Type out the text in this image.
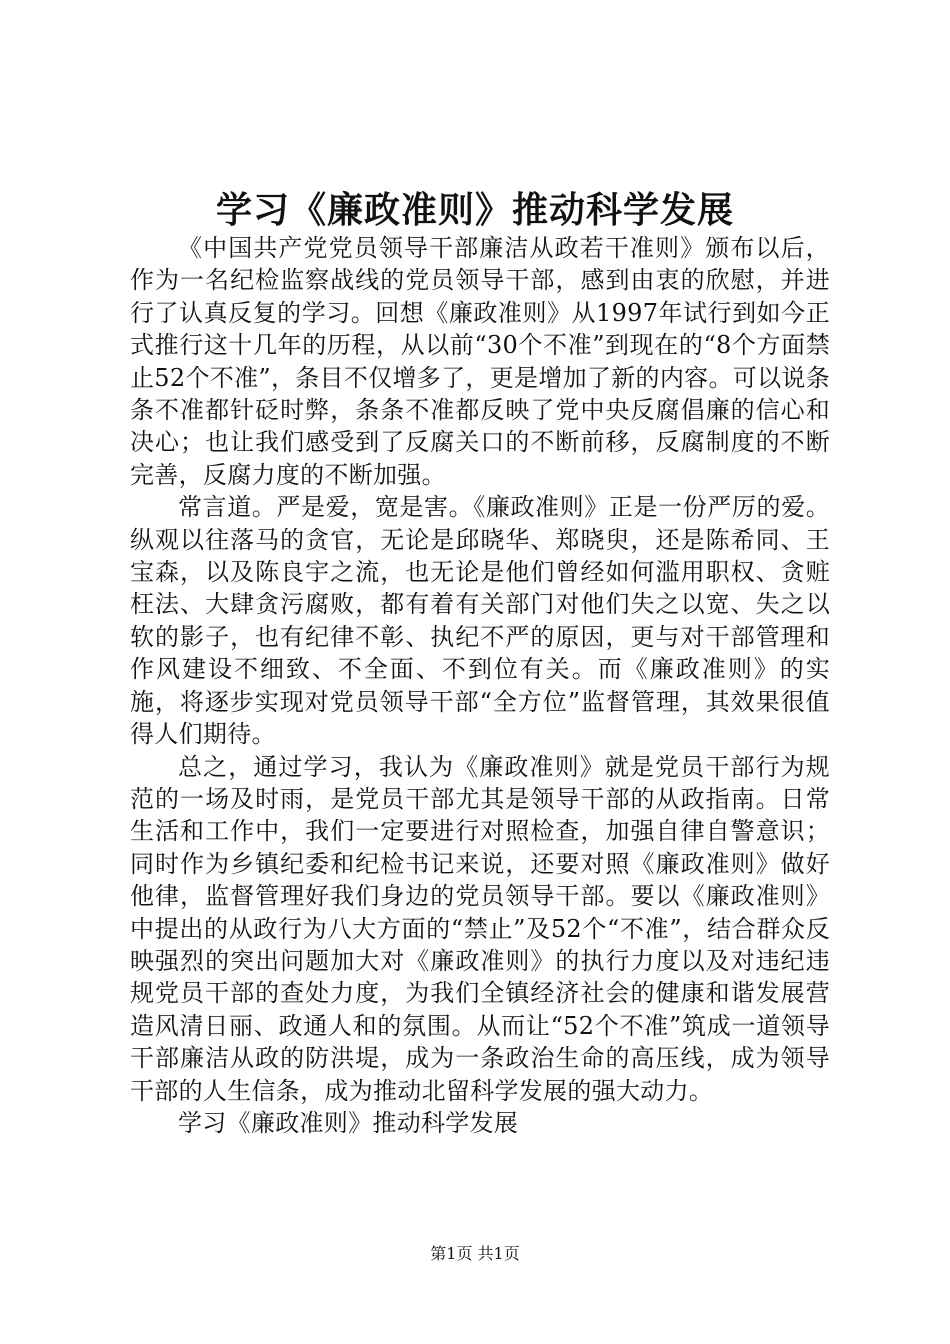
学习《廉政准则》推动科学发展

《中国共产党党员领导干部廉洁从政若干准则》颁布以后，作为一名纪检监察战线的党员领导干部，感到由衷的欣慰，并进行了认真反复的学习。回想《廉政准则》从1997年试行到如今正式推行这十几年的历程，从以前“30个不准”到现在的“8个方面禁止52个不准”，条目不仅增多了，更是增加了新的内容。可以说条条不准都针砭时弊，条条不准都反映了党中央反腐倡廉的信心和决心；也让我们感受到了反腐关口的不断前移，反腐制度的不断完善，反腐力度的不断加强。

常言道。严是爱，宽是害。《廉政准则》正是一份严厉的爱。纵观以往落马的贪官，无论是邱晓华、郑晓臾，还是陈希同、王宝森，以及陈良宇之流，也无论是他们曾经如何滥用职权、贪赃枉法、大肆贪污腐败，都有着有关部门对他们失之以宽、失之以软的影子，也有纪律不彰、执纪不严的原因，更与对干部管理和作风建设不细致、不全面、不到位有关。而《廉政准则》的实施，将逐步实现对党员领导干部“全方位”监督管理，其效果很值得人们期待。

总之，通过学习，我认为《廉政准则》就是党员干部行为规范的一场及时雨，是党员干部尤其是领导干部的从政指南。日常生活和工作中，我们一定要进行对照检查，加强自律自警意识；同时作为乡镇纪委和纪检书记来说，还要对照《廉政准则》做好他律，监督管理好我们身边的党员领导干部。要以《廉政准则》中提出的从政行为八大方面的“禁止”及52个“不准”，结合群众反映强烈的突出问题加大对《廉政准则》的执行力度以及对违纪违规党员干部的查处力度，为我们全镇经济社会的健康和谐发展营造风清日丽、政通人和的氛围。从而让“52个不准”筑成一道领导干部廉洁从政的防洪堤，成为一条政治生命的高压线，成为领导干部的人生信条，成为推动北留科学发展的强大动力。

学习《廉政准则》推动科学发展

第1页 共1页
